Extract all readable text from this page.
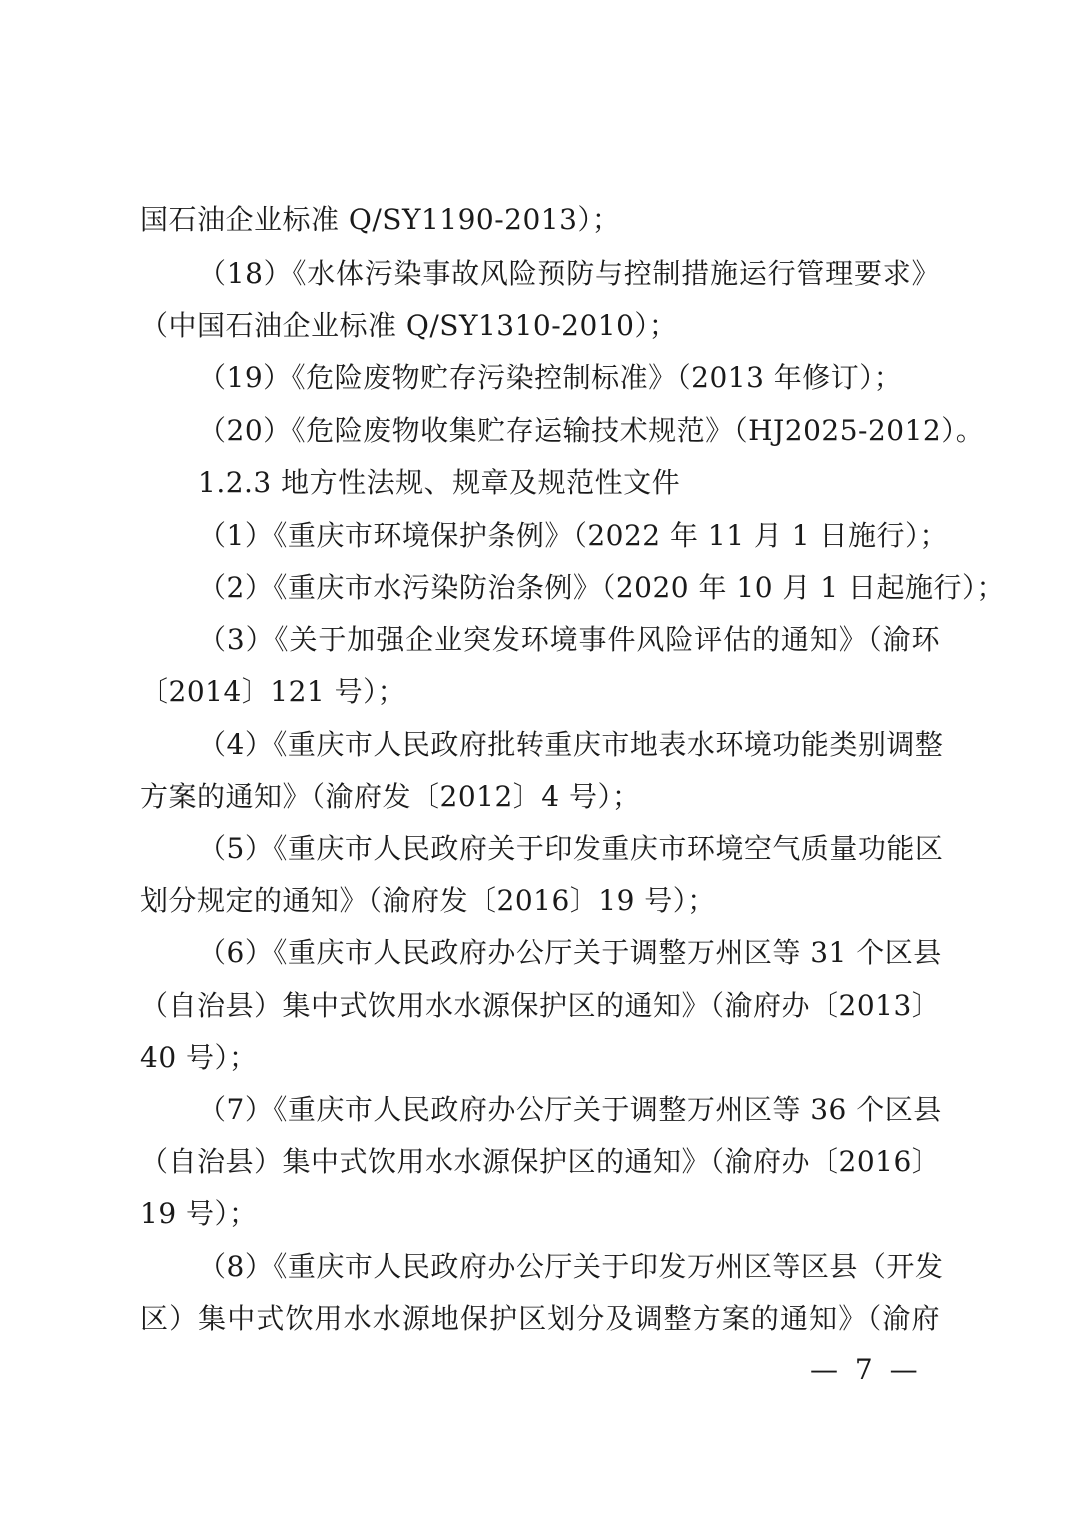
国石油企业标准 Q/SY1190-2013）；
（18）《水体污染事故风险预防与控制措施运行管理要求》
（中国石油企业标准 Q/SY1310-2010）；
（19）《危险废物贮存污染控制标准》（2013 年修订）；
（20）《危险废物收集贮存运输技术规范》（HJ2025-2012）。
1.2.3 地方性法规、规章及规范性文件
（1）《重庆市环境保护条例》（2022 年 11 月 1 日施行）；
（2）《重庆市水污染防治条例》（2020 年 10 月 1 日起施行）；
（3）《关于加强企业突发环境事件风险评估的通知》（渝环
〔2014〕121 号）；
（4）《重庆市人民政府批转重庆市地表水环境功能类别调整
方案的通知》（渝府发〔2012〕4 号）；
（5）《重庆市人民政府关于印发重庆市环境空气质量功能区
划分规定的通知》（渝府发〔2016〕19 号）；
（6）《重庆市人民政府办公厅关于调整万州区等 31 个区县
（自治县）集中式饮用水水源保护区的通知》（渝府办〔2013〕
40 号）；
（7）《重庆市人民政府办公厅关于调整万州区等 36 个区县
（自治县）集中式饮用水水源保护区的通知》（渝府办〔2016〕
19 号）；
（8）《重庆市人民政府办公厅关于印发万州区等区县（开发
区）集中式饮用水水源地保护区划分及调整方案的通知》（渝府
— 7 —
